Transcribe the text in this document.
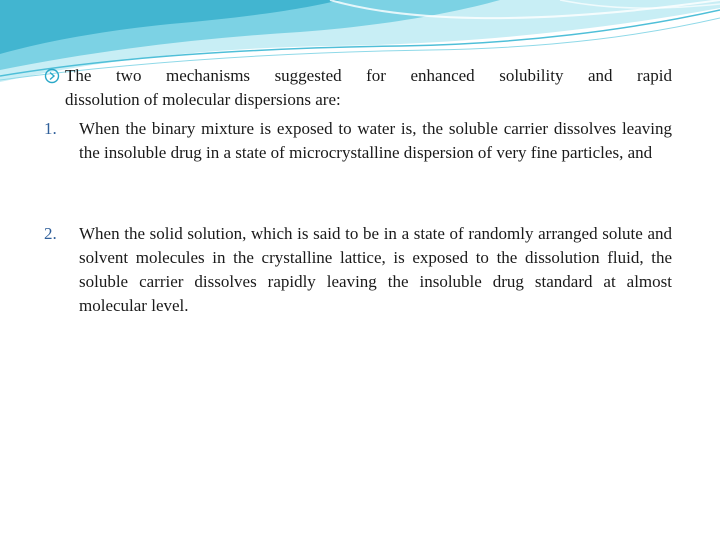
The two mechanisms suggested for enhanced solubility and rapid
dissolution of molecular dispersions are:
1.	When the binary mixture is exposed to water is, the soluble carrier dissolves leaving the insoluble drug in a state of microcrystalline dispersion of very fine particles, and
2.	When the solid solution, which is said to be in a state of randomly arranged solute and solvent molecules in the crystalline lattice, is exposed to the dissolution fluid, the soluble carrier dissolves rapidly leaving the insoluble drug standard at almost molecular level.
